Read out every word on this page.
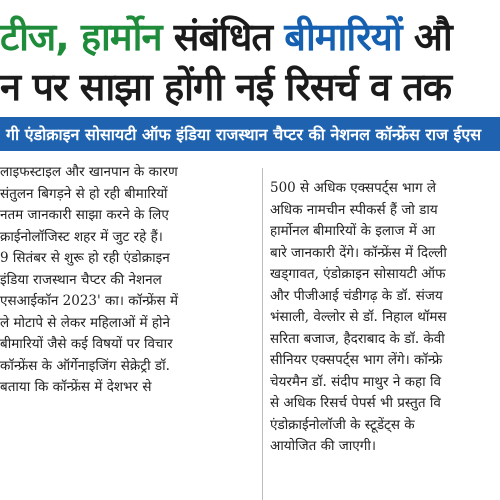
टीज, हार्मोन संबंधित बीमारियों औ
न पर साझा होंगी नई रिसर्च व तक
गी एंडोक्राइन सोसायटी ऑफ इंडिया राजस्थान चैप्टर की नेशनल कॉन्फ्रेंस राज ईएस
लाइफस्टाइल और खानपान के कारण
संतुलन बिगड़ने से हो रही बीमारियों
नतम जानकारी साझा करने के लिए
क्राईनोलॉजिस्ट शहर में जुट रहे हैं।
9 सितंबर से शुरू हो रही एंडोक्राइन
इंडिया राजस्थान चैप्टर की नेशनल
एसआईकॉन 2023' का। कॉन्फ्रेंस में
ले मोटापे से लेकर महिलाओं में होने
बीमारियों जैसे कई विषयों पर विचार
कॉन्फ्रेंस के ऑर्गेनाइजिंग सेक्रेट्री डॉ.
बताया कि कॉन्फ्रेंस में देशभर से
500 से अधिक एक्सपर्ट्स भाग ले
अधिक नामचीन स्पीकर्स हैं जो डाय
हार्मोनल बीमारियों के इलाज में आ
बारे जानकारी देंगे। कॉन्फ्रेंस में दिल्ली
खड्गावत, एंडोक्राइन सोसायटी ऑफ
और पीजीआई चंडीगढ़ के डॉ. संजय
भंसाली, वेल्लोर से डॉ. निहाल थॉमस
सरिता बजाज, हैदराबाद के डॉ. केवी
सीनियर एक्सपर्ट्स भाग लेंगे। कॉन्फ्रे
चेयरमैन डॉ. संदीप माथुर ने कहा वि
से अधिक रिसर्च पेपर्स भी प्रस्तुत वि
एंडोक्राईनोलॉजी के स्टूडेंट्स के
आयोजित की जाएगी।
